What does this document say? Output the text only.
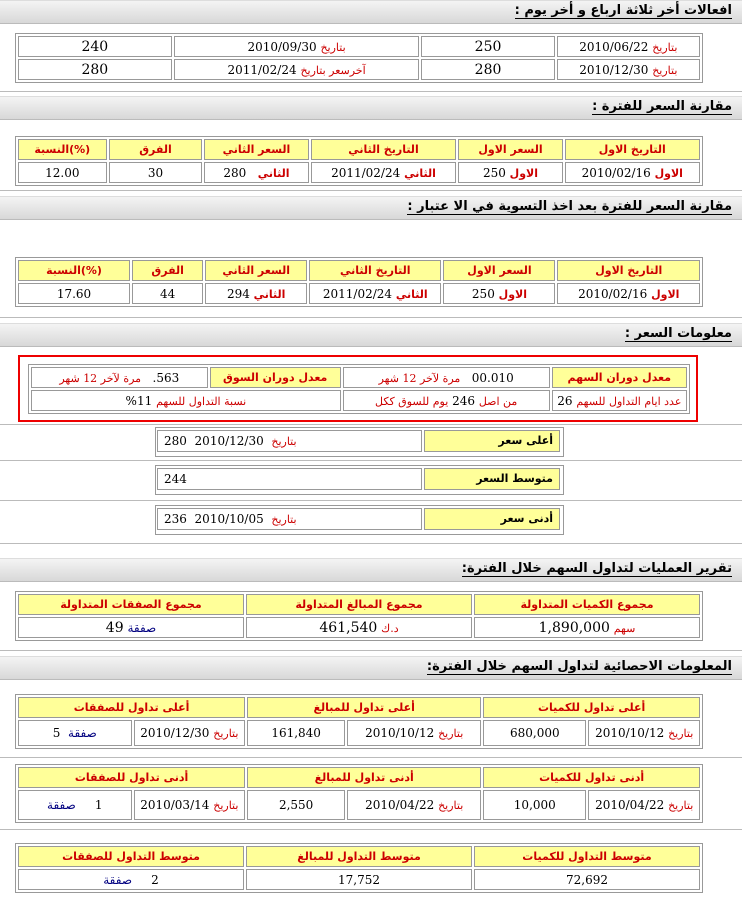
افعالات أخر ثلاثة ارباع و أخر يوم :
بتاريخ 2010/06/22	250	بتاريخ 2010/09/30	240
بتاريخ 2010/12/30	280	آخرسعر بتاريخ 2011/02/24	280
مقارنة السعر للفترة :
التاريخ الاول	السعر الاول	التاريخ الثاني	السعر الثاني	الفرق	(%)النسبة
الاول 2010/02/16	الاول 250	الثاني 2011/02/24	الثاني   280	30	12.00
مقارنة السعر للفترة بعد اخذ التسوية في الا عتبار :
التاريخ الاول	السعر الاول	التاريخ الثاني	السعر الثاني	الفرق	(%)النسبة
الاول 2010/02/16	الاول 250	الثاني 2011/02/24	الثاني 294	44	17.60
معلومات السعر :
معدل دوران السهم	00.010   مرة لآخر 12 شهر	معدل دوران السوق	563.   مرة لآخر 12 شهر
عدد ايام التداول للسهم 26	من اصل 246 يوم للسوق ككل	نسبة التداول للسهم 11%	
280 2010/12/30 بتاريخ	أعلى سعر
244	متوسط السعر
236 2010/10/05 بتاريخ	أدنى سعر
تقرير العمليات لتداول السهم خلال الفترة:
مجموع الكميات المتداولة	مجموع المبالغ المتداولة	مجموع الصفقات المتداولة
سهم 1,890,000	د.ك 461,540	صفقة 49
المعلومات الاحصائية لتداول السهم خلال الفترة:
أعلى تداول للكميات		أعلى تداول للمبالغ		أعلى تداول للصفقات	
بتاريخ 2010/10/12	680,000	بتاريخ 2010/10/12	161,840	بتاريخ 2010/12/30	صفقة  5
أدنى تداول للكميات		أدنى تداول للمبالغ		أدنى تداول للصفقات	
بتاريخ 2010/04/22	10,000	بتاريخ 2010/04/22	2,550	بتاريخ 2010/03/14	1     صفقة
متوسط التداول للكميات	متوسط التداول للمبالغ	متوسط التداول للصفقات
72,692	17,752	2     صفقة
